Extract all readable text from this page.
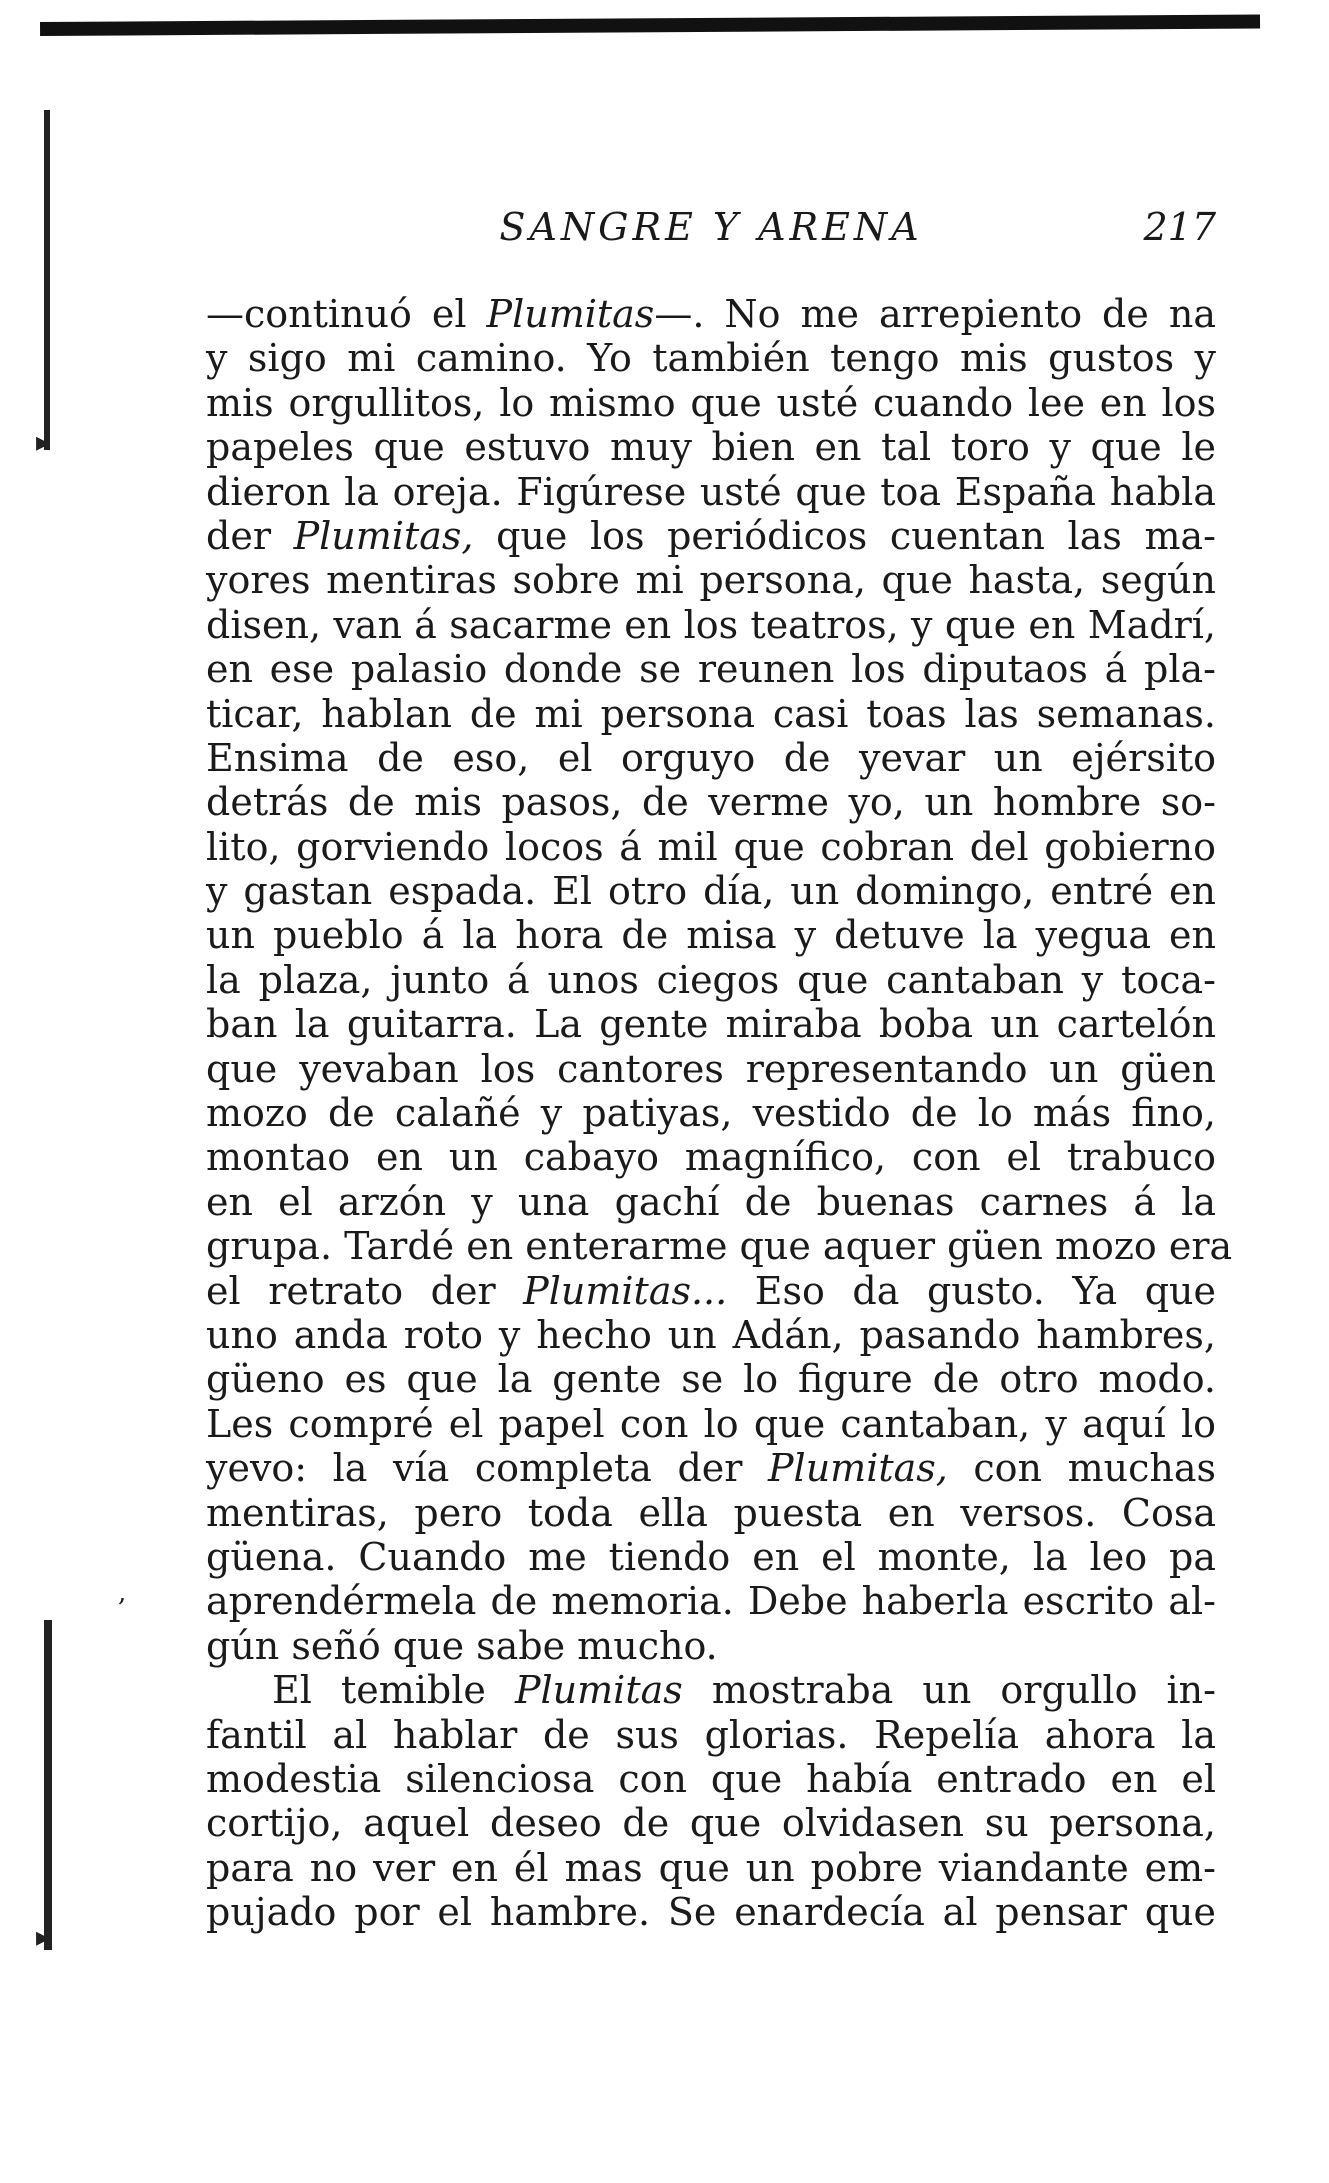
▸
▸
,
SANGRE Y ARENA	217
—continuó el Plumitas—. No me arrepiento de na
y sigo mi camino. Yo también tengo mis gustos y
mis orgullitos, lo mismo que usté cuando lee en los
papeles que estuvo muy bien en tal toro y que le
dieron la oreja. Figúrese usté que toa España habla
der Plumitas, que los periódicos cuentan las ma-
yores mentiras sobre mi persona, que hasta, según
disen, van á sacarme en los teatros, y que en Madrí,
en ese palasio donde se reunen los diputaos á pla-
ticar, hablan de mi persona casi toas las semanas.
Ensima de eso, el orguyo de yevar un ejérsito
detrás de mis pasos, de verme yo, un hombre so-
lito, gorviendo locos á mil que cobran del gobierno
y gastan espada. El otro día, un domingo, entré en
un pueblo á la hora de misa y detuve la yegua en
la plaza, junto á unos ciegos que cantaban y toca-
ban la guitarra. La gente miraba boba un cartelón
que yevaban los cantores representando un güen
mozo de calañé y patiyas, vestido de lo más fino,
montao en un cabayo magnífico, con el trabuco
en el arzón y una gachí de buenas carnes á la
grupa. Tardé en enterarme que aquer güen mozo era
el retrato der Plumitas... Eso da gusto. Ya que
uno anda roto y hecho un Adán, pasando hambres,
güeno es que la gente se lo figure de otro modo.
Les compré el papel con lo que cantaban, y aquí lo
yevo: la vía completa der Plumitas, con muchas
mentiras, pero toda ella puesta en versos. Cosa
güena. Cuando me tiendo en el monte, la leo pa
aprendérmela de memoria. Debe haberla escrito al-
gún señó que sabe mucho.
El temible Plumitas mostraba un orgullo in-
fantil al hablar de sus glorias. Repelía ahora la
modestia silenciosa con que había entrado en el
cortijo, aquel deseo de que olvidasen su persona,
para no ver en él mas que un pobre viandante em-
pujado por el hambre. Se enardecía al pensar que
